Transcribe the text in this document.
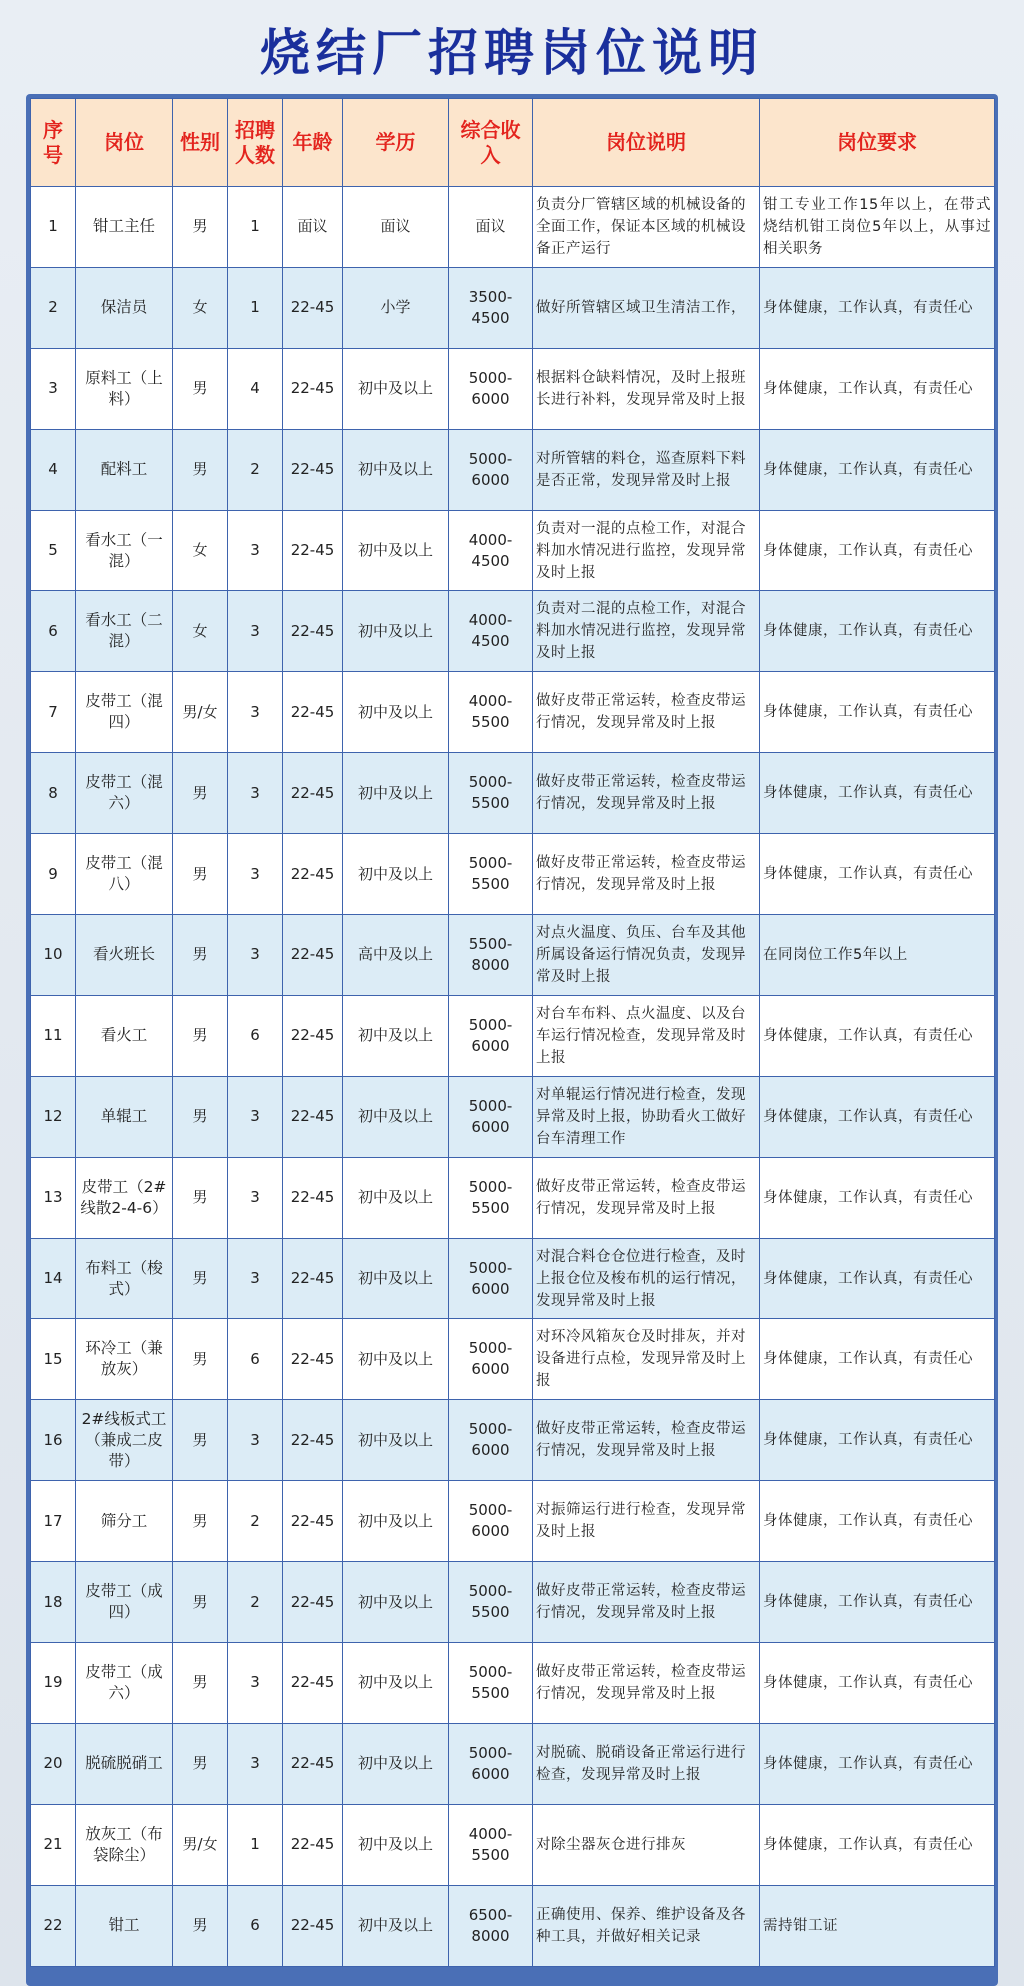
烧结厂招聘岗位说明
序号	岗位	性别	招聘人数	年龄	学历	综合收入	岗位说明	岗位要求
1	钳工主任	男	1	面议	面议	面议	负责分厂管辖区域的机械设备的全面工作，保证本区域的机械设备正产运行	钳工专业工作15年以上，在带式烧结机钳工岗位5年以上，从事过相关职务
2	保洁员	女	1	22-45	小学	3500-4500	做好所管辖区域卫生清洁工作，	身体健康，工作认真，有责任心
3	原料工（上料）	男	4	22-45	初中及以上	5000-6000	根据料仓缺料情况，及时上报班长进行补料，发现异常及时上报	身体健康，工作认真，有责任心
4	配料工	男	2	22-45	初中及以上	5000-6000	对所管辖的料仓，巡查原料下料是否正常，发现异常及时上报	身体健康，工作认真，有责任心
5	看水工（一混）	女	3	22-45	初中及以上	4000-4500	负责对一混的点检工作，对混合料加水情况进行监控，发现异常及时上报	身体健康，工作认真，有责任心
6	看水工（二混）	女	3	22-45	初中及以上	4000-4500	负责对二混的点检工作，对混合料加水情况进行监控，发现异常及时上报	身体健康，工作认真，有责任心
7	皮带工（混四）	男/女	3	22-45	初中及以上	4000-5500	做好皮带正常运转，检查皮带运行情况，发现异常及时上报	身体健康，工作认真，有责任心
8	皮带工（混六）	男	3	22-45	初中及以上	5000-5500	做好皮带正常运转，检查皮带运行情况，发现异常及时上报	身体健康，工作认真，有责任心
9	皮带工（混八）	男	3	22-45	初中及以上	5000-5500	做好皮带正常运转，检查皮带运行情况，发现异常及时上报	身体健康，工作认真，有责任心
10	看火班长	男	3	22-45	高中及以上	5500-8000	对点火温度、负压、台车及其他所属设备运行情况负责，发现异常及时上报	在同岗位工作5年以上
11	看火工	男	6	22-45	初中及以上	5000-6000	对台车布料、点火温度、以及台车运行情况检查，发现异常及时上报	身体健康，工作认真，有责任心
12	单辊工	男	3	22-45	初中及以上	5000-6000	对单辊运行情况进行检查，发现异常及时上报，协助看火工做好台车清理工作	身体健康，工作认真，有责任心
13	皮带工（2#线散2-4-6）	男	3	22-45	初中及以上	5000-5500	做好皮带正常运转，检查皮带运行情况，发现异常及时上报	身体健康，工作认真，有责任心
14	布料工（梭式）	男	3	22-45	初中及以上	5000-6000	对混合料仓仓位进行检查，及时上报仓位及梭布机的运行情况，发现异常及时上报	身体健康，工作认真，有责任心
15	环冷工（兼放灰）	男	6	22-45	初中及以上	5000-6000	对环冷风箱灰仓及时排灰，并对设备进行点检，发现异常及时上报	身体健康，工作认真，有责任心
16	2#线板式工（兼成二皮带）	男	3	22-45	初中及以上	5000-6000	做好皮带正常运转，检查皮带运行情况，发现异常及时上报	身体健康，工作认真，有责任心
17	筛分工	男	2	22-45	初中及以上	5000-6000	对振筛运行进行检查，发现异常及时上报	身体健康，工作认真，有责任心
18	皮带工（成四）	男	2	22-45	初中及以上	5000-5500	做好皮带正常运转，检查皮带运行情况，发现异常及时上报	身体健康，工作认真，有责任心
19	皮带工（成六）	男	3	22-45	初中及以上	5000-5500	做好皮带正常运转，检查皮带运行情况，发现异常及时上报	身体健康，工作认真，有责任心
20	脱硫脱硝工	男	3	22-45	初中及以上	5000-6000	对脱硫、脱硝设备正常运行进行检查，发现异常及时上报	身体健康，工作认真，有责任心
21	放灰工（布袋除尘）	男/女	1	22-45	初中及以上	4000-5500	对除尘器灰仓进行排灰	身体健康，工作认真，有责任心
22	钳工	男	6	22-45	初中及以上	6500-8000	正确使用、保养、维护设备及各种工具，并做好相关记录	需持钳工证
